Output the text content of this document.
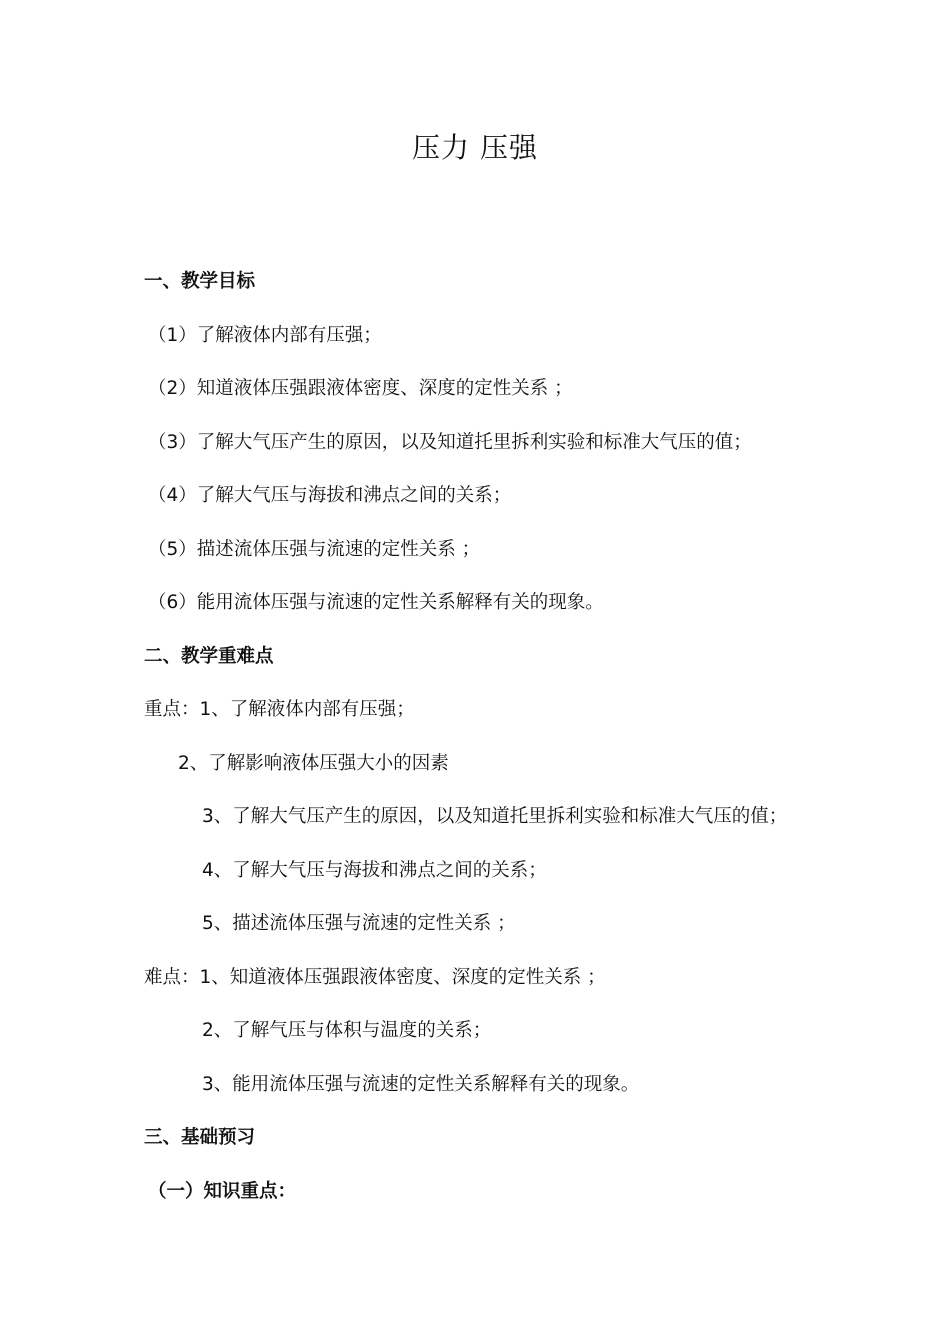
压力 压强
一、教学目标
（1）了解液体内部有压强；
（2）知道液体压强跟液体密度、深度的定性关系 ；
（3）了解大气压产生的原因，以及知道托里拆利实验和标准大气压的值；
（4）了解大气压与海拔和沸点之间的关系；
（5）描述流体压强与流速的定性关系 ；
（6）能用流体压强与流速的定性关系解释有关的现象。
二、教学重难点
重点：1、了解液体内部有压强；
2、了解影响液体压强大小的因素
3、了解大气压产生的原因，以及知道托里拆利实验和标准大气压的值；
4、了解大气压与海拔和沸点之间的关系；
5、描述流体压强与流速的定性关系 ；
难点：1、知道液体压强跟液体密度、深度的定性关系 ；
2、了解气压与体积与温度的关系；
3、能用流体压强与流速的定性关系解释有关的现象。
三、基础预习
（一）知识重点：
